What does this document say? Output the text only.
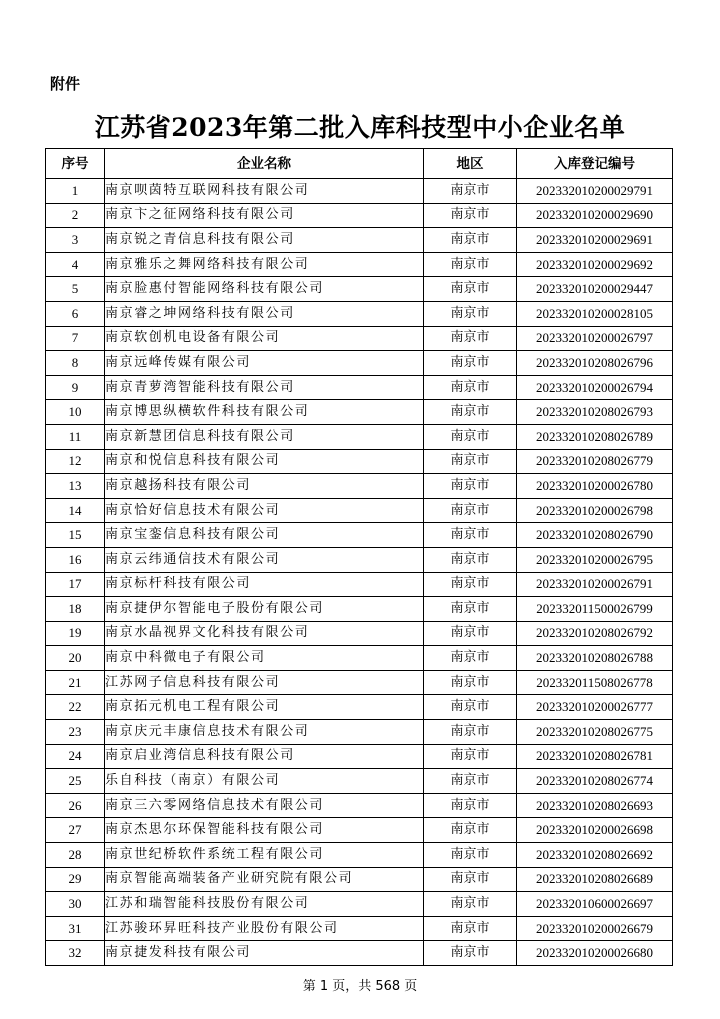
附件
江苏省2023年第二批入库科技型中小企业名单
序号	企业名称	地区	入库登记编号
1	南京呗茵特互联网科技有限公司	南京市	202332010200029791
2	南京卞之征网络科技有限公司	南京市	202332010200029690
3	南京锐之青信息科技有限公司	南京市	202332010200029691
4	南京雅乐之舞网络科技有限公司	南京市	202332010200029692
5	南京脸惠付智能网络科技有限公司	南京市	202332010200029447
6	南京睿之坤网络科技有限公司	南京市	202332010200028105
7	南京软创机电设备有限公司	南京市	202332010200026797
8	南京远峰传媒有限公司	南京市	202332010208026796
9	南京青萝湾智能科技有限公司	南京市	202332010200026794
10	南京博思纵横软件科技有限公司	南京市	202332010208026793
11	南京新慧团信息科技有限公司	南京市	202332010208026789
12	南京和悦信息科技有限公司	南京市	202332010208026779
13	南京越扬科技有限公司	南京市	202332010200026780
14	南京恰好信息技术有限公司	南京市	202332010200026798
15	南京宝銮信息科技有限公司	南京市	202332010208026790
16	南京云纬通信技术有限公司	南京市	202332010200026795
17	南京标杆科技有限公司	南京市	202332010200026791
18	南京捷伊尔智能电子股份有限公司	南京市	202332011500026799
19	南京水晶视界文化科技有限公司	南京市	202332010208026792
20	南京中科微电子有限公司	南京市	202332010208026788
21	江苏网子信息科技有限公司	南京市	202332011508026778
22	南京拓元机电工程有限公司	南京市	202332010200026777
23	南京庆元丰康信息技术有限公司	南京市	202332010208026775
24	南京启业湾信息科技有限公司	南京市	202332010208026781
25	乐自科技（南京）有限公司	南京市	202332010208026774
26	南京三六零网络信息技术有限公司	南京市	202332010208026693
27	南京杰思尔环保智能科技有限公司	南京市	202332010200026698
28	南京世纪桥软件系统工程有限公司	南京市	202332010208026692
29	南京智能高端装备产业研究院有限公司	南京市	202332010208026689
30	江苏和瑞智能科技股份有限公司	南京市	202332010600026697
31	江苏骏环昇旺科技产业股份有限公司	南京市	202332010200026679
32	南京捷发科技有限公司	南京市	202332010200026680
第 1 页，共 568 页
